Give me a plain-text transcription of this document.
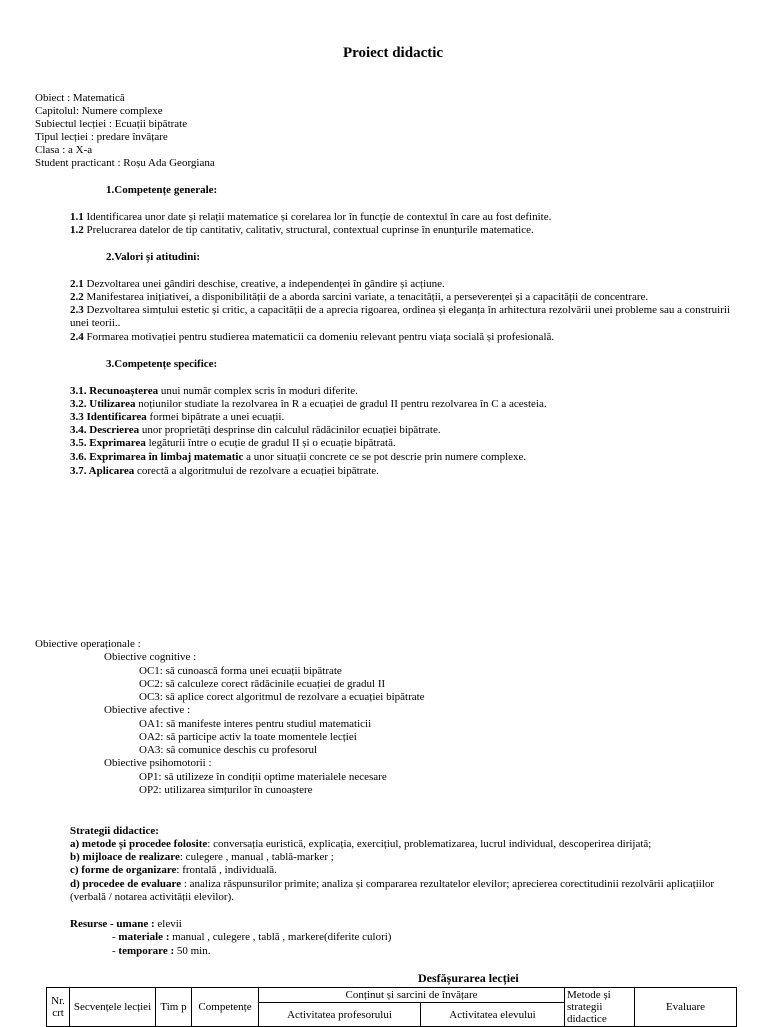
Proiect didactic
Obiect : Matematică
Capitolul: Numere complexe
Subiectul lecției : Ecuații bipătrate
Tipul lecției : predare învățare
Clasa : a X-a
Student practicant : Roșu Ada Georgiana
1.Competențe generale:
1.1 Identificarea unor date și relații matematice și corelarea lor în funcție de contextul în care au fost definite.
1.2 Prelucrarea datelor de tip cantitativ, calitativ, structural, contextual cuprinse în enunțurile matematice.
2.Valori și atitudini:
2.1 Dezvoltarea unei gândiri deschise, creative, a independenței în gândire și acțiune.
2.2 Manifestarea inițiativei, a disponibilității de a aborda sarcini variate, a tenacității, a perseverenței și a capacității de concentrare.
2.3 Dezvoltarea simțului estetic și critic, a capacității de a aprecia rigoarea, ordinea și eleganța în arhitectura rezolvării unei probleme sau a construirii unei teorii..
2.4 Formarea motivației pentru studierea matematicii ca domeniu relevant pentru viața socială și profesională.
3.Competențe specifice:
3.1. Recunoașterea unui număr complex scris în moduri diferite.
3.2. Utilizarea noțiunilor studiate la rezolvarea în R a ecuației de gradul II pentru rezolvarea în C a acesteia.
3.3 Identificarea formei bipătrate a unei ecuații.
3.4. Descrierea unor proprietăți desprinse din calculul rădăcinilor ecuației bipătrate.
3.5. Exprimarea legăturii între o ecuție de gradul II și o ecuație bipătrată.
3.6. Exprimarea în limbaj matematic a unor situații concrete ce se pot descrie prin numere complexe.
3.7. Aplicarea corectă a algoritmului de rezolvare a ecuației bipătrate.
Obiective operaționale :
Obiective cognitive :
OC1: să cunoască forma unei ecuații bipătrate
OC2: să calculeze corect rădăcinile ecuației de gradul II
OC3: să aplice corect algoritmul de rezolvare a ecuației bipătrate
Obiective afective :
OA1: să manifeste interes pentru studiul matematicii
OA2: să participe activ la toate momentele lecției
OA3: să comunice deschis cu profesorul
Obiective psihomotorii :
OP1: să utilizeze în condiții optime materialele necesare
OP2: utilizarea simțurilor în cunoaștere
Strategii didactice:
a) metode și procedee folosite: conversația euristică, explicația, exercițiul, problematizarea, lucrul individual, descoperirea dirijată;
b) mijloace de realizare: culegere , manual , tablă-marker ;
c) forme de organizare: frontală , individuală.
d) procedee de evaluare : analiza răspunsurilor primite; analiza și compararea rezultatelor elevilor; aprecierea corectitudinii rezolvării aplicațiilor (verbală / notarea activității elevilor).
Resurse - umane : elevii
- materiale : manual , culegere , tablă , markere(diferite culori)
- temporare : 50 min.
Desfășurarea lecției
Nr. crt	Secvențele lecției	Tim p	Competențe	Conținut și sarcini de învățare		Metode și strategii didactice	Evaluare
				Activitatea profesorului	Activitatea elevului		
